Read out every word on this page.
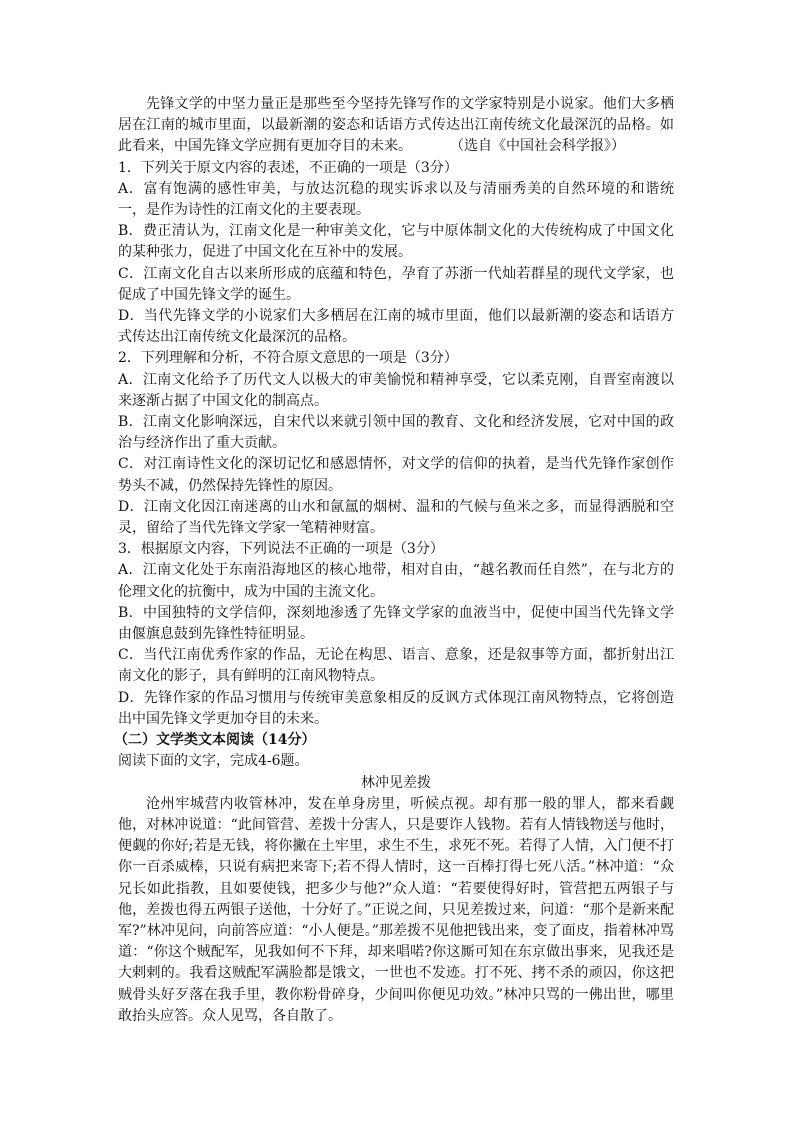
先锋文学的中坚力量正是那些至今坚持先锋写作的文学家特别是小说家。他们大多栖居在江南的城市里面，以最新潮的姿态和话语方式传达出江南传统文化最深沉的品格。如此看来，中国先锋文学应拥有更加夺目的未来。	（选自《中国社会科学报》）

1．下列关于原文内容的表述，不正确的一项是（3分）

A．富有饱满的感性审美，与放达沉稳的现实诉求以及与清丽秀美的自然环境的和谐统一，是作为诗性的江南文化的主要表现。

B．费正清认为，江南文化是一种审美文化，它与中原体制文化的大传统构成了中国文化的某种张力，促进了中国文化在互补中的发展。

C．江南文化自古以来所形成的底蕴和特色，孕育了苏浙一代灿若群星的现代文学家，也促成了中国先锋文学的诞生。

D．当代先锋文学的小说家们大多栖居在江南的城市里面，他们以最新潮的姿态和话语方式传达出江南传统文化最深沉的品格。

2．下列理解和分析，不符合原文意思的一项是（3分）

A．江南文化给予了历代文人以极大的审美愉悦和精神享受，它以柔克刚，自晋室南渡以来逐渐占据了中国文化的制高点。

B．江南文化影响深远，自宋代以来就引领中国的教育、文化和经济发展，它对中国的政治与经济作出了重大贡献。

C．对江南诗性文化的深切记忆和感恩情怀，对文学的信仰的执着，是当代先锋作家创作势头不减，仍然保持先锋性的原因。

D．江南文化因江南迷离的山水和氤氲的烟树、温和的气候与鱼米之多，而显得洒脱和空灵，留给了当代先锋文学家一笔精神财富。

3．根据原文内容，下列说法不正确的一项是（3分）

A．江南文化处于东南沿海地区的核心地带，相对自由，“越名教而任自然”，在与北方的伦理文化的抗衡中，成为中国的主流文化。

B．中国独特的文学信仰，深刻地渗透了先锋文学家的血液当中，促使中国当代先锋文学由偃旗息鼓到先锋性特征明显。

C．当代江南优秀作家的作品，无论在构思、语言、意象，还是叙事等方面，都折射出江南文化的影子，具有鲜明的江南风物特点。

D．先锋作家的作品习惯用与传统审美意象相反的反讽方式体现江南风物特点，它将创造出中国先锋文学更加夺目的未来。

（二）文学类文本阅读（14分）

阅读下面的文字，完成4-6题。

林冲见差拨

沧州牢城营内收管林冲，发在单身房里，听候点视。却有那一般的罪人，都来看觑他，对林冲说道：“此间管营、差拨十分害人，只是要诈人钱物。若有人情钱物送与他时，便觑的你好;若是无钱，将你撇在土牢里，求生不生，求死不死。若得了人情，入门便不打你一百杀威棒，只说有病把来寄下;若不得人情时，这一百棒打得七死八活。”林冲道：“众兄长如此指教，且如要使钱，把多少与他?”众人道：“若要使得好时，管营把五两银子与他，差拨也得五两银子送他，十分好了。”正说之间，只见差拨过来，问道：“那个是新来配军?”林冲见问，向前答应道：“小人便是。”那差拨不见他把钱出来，变了面皮，指着林冲骂道：“你这个贼配军，见我如何不下拜，却来唱喏?你这厮可知在东京做出事来，见我还是大剌剌的。我看这贼配军满脸都是饿文，一世也不发迹。打不死、拷不杀的顽囚，你这把贼骨头好歹落在我手里，教你粉骨碎身，少间叫你便见功效。”林冲只骂的一佛出世，哪里敢抬头应答。众人见骂，各自散了。
